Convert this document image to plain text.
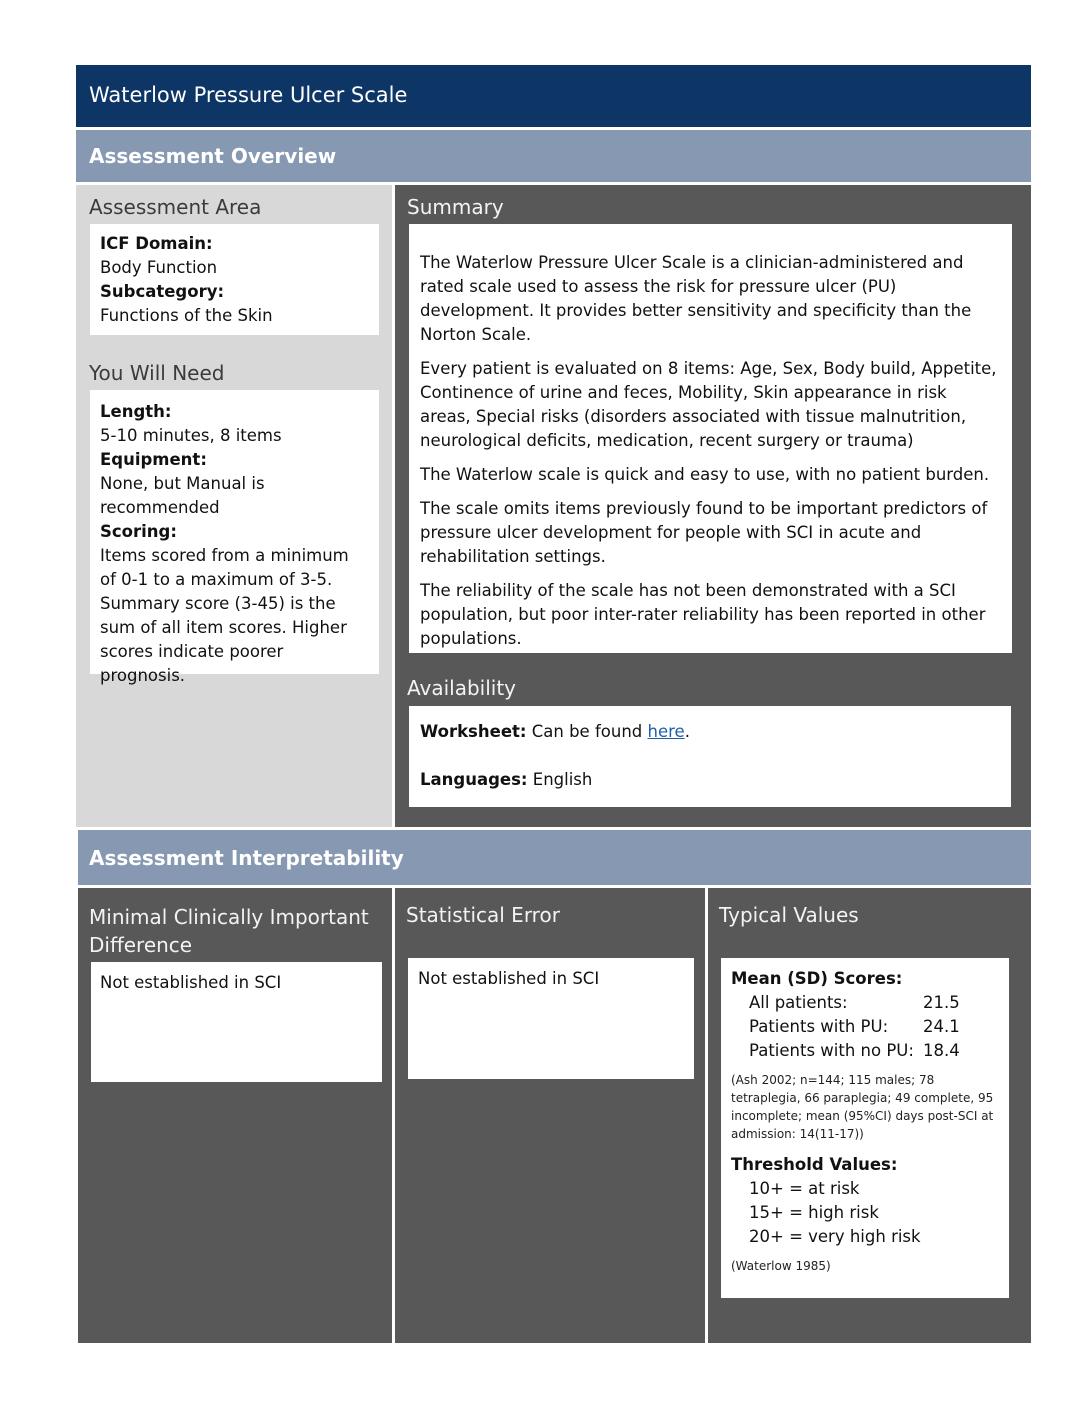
Waterlow Pressure Ulcer Scale
Assessment Overview
Assessment Area

ICF Domain:

Body Function

Subcategory:

Functions of the Skin

You Will Need

Length:

5-10 minutes, 8 items

Equipment:

None, but Manual is recommended

Scoring:

Items scored from a minimum of 0-1 to a maximum of 3-5. Summary score (3-45) is the sum of all item scores. Higher scores indicate poorer prognosis.

Summary

The Waterlow Pressure Ulcer Scale is a clinician-administered and rated scale used to assess the risk for pressure ulcer (PU) development. It provides better sensitivity and specificity than the Norton Scale.

Every patient is evaluated on 8 items: Age, Sex, Body build, Appetite, Continence of urine and feces, Mobility, Skin appearance in risk areas, Special risks (disorders associated with tissue malnutrition, neurological deficits, medication, recent surgery or trauma)

The Waterlow scale is quick and easy to use, with no patient burden.

The scale omits items previously found to be important predictors of pressure ulcer development for people with SCI in acute and rehabilitation settings.

The reliability of the scale has not been demonstrated with a SCI population, but poor inter-rater reliability has been reported in other populations.

Availability

Worksheet: Can be found here.

Languages: English

Assessment Interpretability
Minimal Clinically Important Difference

Not established in SCI

Statistical Error

Not established in SCI

Typical Values

Mean (SD) Scores:

All patients:	21.5
Patients with PU:	24.1
Patients with no PU: 18.4

(Ash 2002; n=144; 115 males; 78 tetraplegia, 66 paraplegia; 49 complete, 95 incomplete; mean (95%CI) days post-SCI at admission: 14(11-17))

Threshold Values:

10+ = at risk

15+ = high risk

20+ = very high risk

(Waterlow 1985)
